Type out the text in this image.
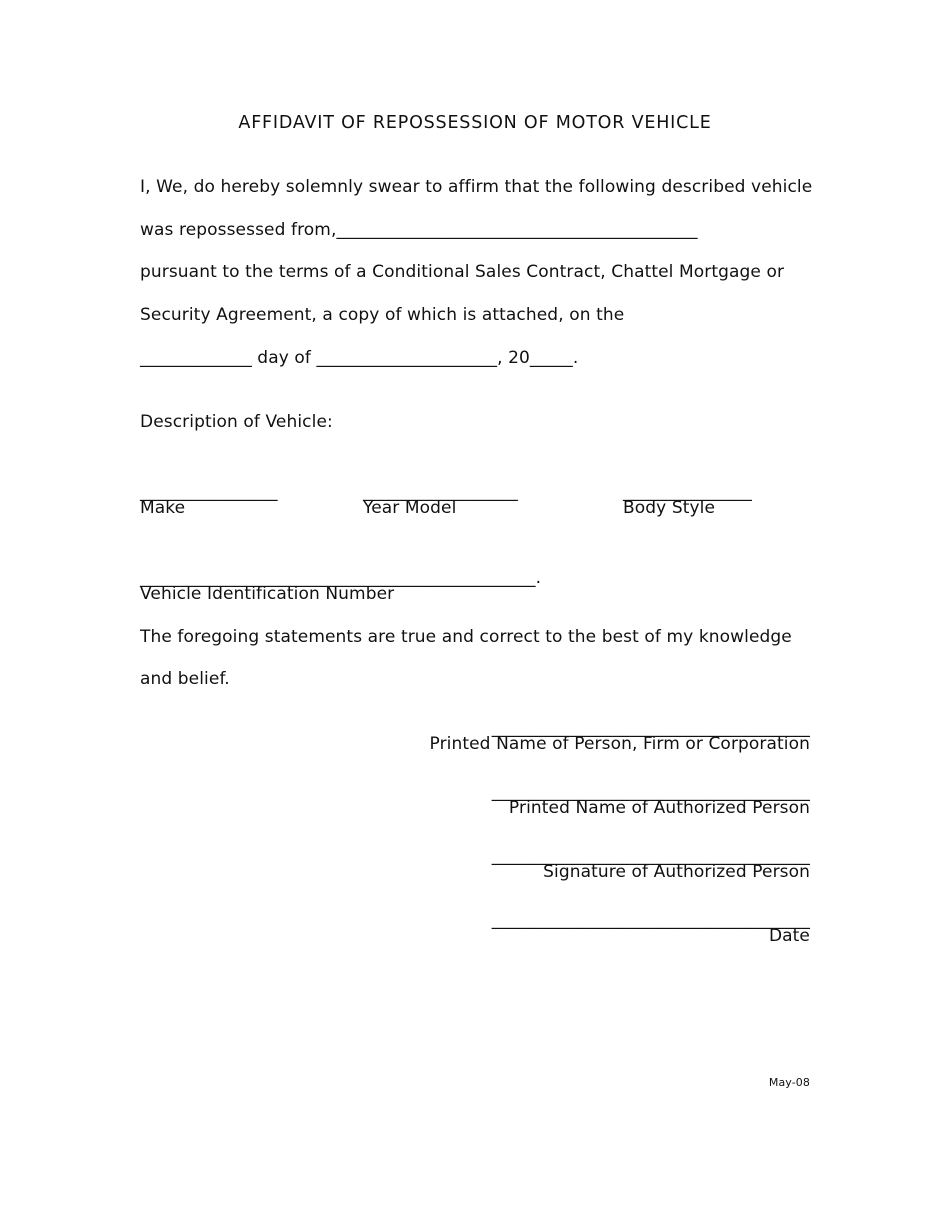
AFFIDAVIT OF REPOSSESSION OF MOTOR VEHICLE
I, We, do hereby solemnly swear to affirm that the following described vehicle
was repossessed from,__________________________________________
pursuant to the terms of a Conditional Sales Contract, Chattel Mortgage or
Security Agreement, a copy of which is attached, on the
_____________ day of _____________________, 20_____.
Description of Vehicle:
________________
Make
__________________
Year Model
_______________
Body Style
______________________________________________.
Vehicle Identification Number
The foregoing statements are true and correct to the best of my knowledge
and belief.
_____________________________________
Printed Name of Person, Firm or Corporation
_____________________________________
Printed Name of Authorized Person
_____________________________________
Signature of Authorized Person
_____________________________________
Date
May-08
